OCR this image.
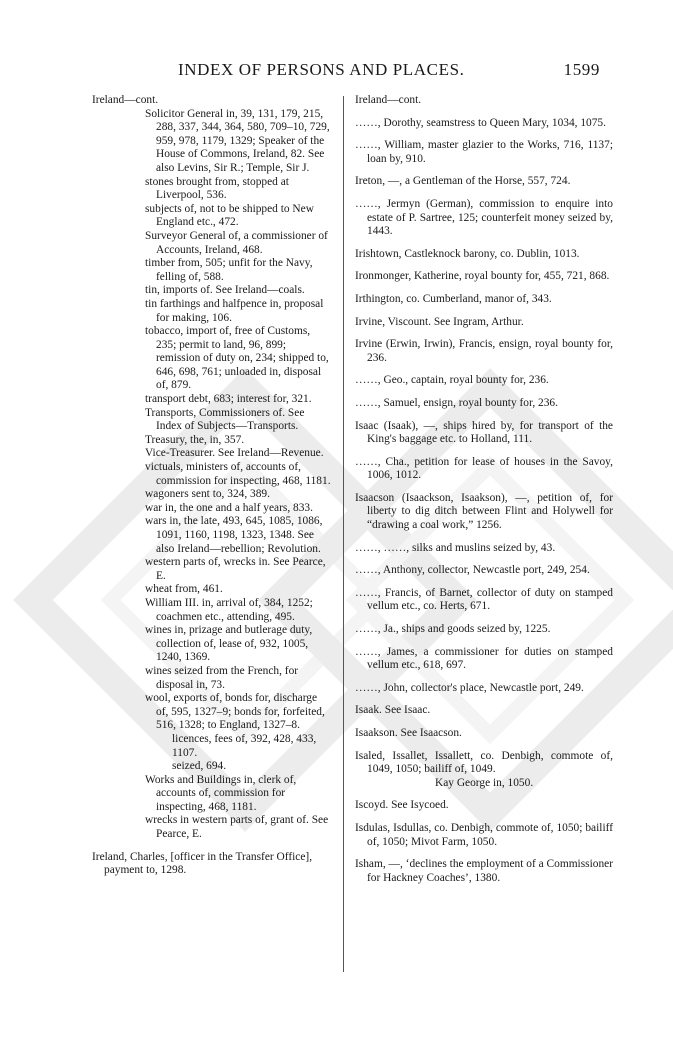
INDEX OF PERSONS AND PLACES.	1599

Ireland—cont.

Solicitor General in, 39, 131, 179, 215, 288, 337, 344, 364, 580, 709–10, 729, 959, 978, 1179, 1329; Speaker of the House of Commons, Ireland, 82. See also Levins, Sir R.; Temple, Sir J.

stones brought from, stopped at Liverpool, 536.

subjects of, not to be shipped to New England etc., 472.

Surveyor General of, a commissioner of Accounts, Ireland, 468.

timber from, 505; unfit for the Navy, felling of, 588.

tin, imports of. See Ireland—coals.

tin farthings and halfpence in, proposal for making, 106.

tobacco, import of, free of Customs, 235; permit to land, 96, 899; remission of duty on, 234; shipped to, 646, 698, 761; unloaded in, disposal of, 879.

transport debt, 683; interest for, 321.

Transports, Commissioners of. See Index of Subjects—Transports.

Treasury, the, in, 357.

Vice-Treasurer. See Ireland—Revenue.

victuals, ministers of, accounts of, commission for inspecting, 468, 1181.

wagoners sent to, 324, 389.

war in, the one and a half years, 833.

wars in, the late, 493, 645, 1085, 1086, 1091, 1160, 1198, 1323, 1348. See also Ireland—rebellion; Revolution.

western parts of, wrecks in. See Pearce, E.

wheat from, 461.

William III. in, arrival of, 384, 1252; coachmen etc., attending, 495.

wines in, prizage and butlerage duty, collection of, lease of, 932, 1005, 1240, 1369.

wines seized from the French, for disposal in, 73.

wool, exports of, bonds for, discharge of, 595, 1327–9; bonds for, forfeited, 516, 1328; to England, 1327–8.

licences, fees of, 392, 428, 433, 1107.

seized, 694.

Works and Buildings in, clerk of, accounts of, commission for inspecting, 468, 1181.

wrecks in western parts of, grant of. See Pearce, E.

Ireland, Charles, [officer in the Transfer Office], payment to, 1298.

Ireland—cont.

……, Dorothy, seamstress to Queen Mary, 1034, 1075.

……, William, master glazier to the Works, 716, 1137; loan by, 910.

Ireton, —, a Gentleman of the Horse, 557, 724.

……, Jermyn (German), commission to enquire into estate of P. Sartree, 125; counterfeit money seized by, 1443.

Irishtown, Castleknock barony, co. Dublin, 1013.

Ironmonger, Katherine, royal bounty for, 455, 721, 868.

Irthington, co. Cumberland, manor of, 343.

Irvine, Viscount. See Ingram, Arthur.

Irvine (Erwin, Irwin), Francis, ensign, royal bounty for, 236.

……, Geo., captain, royal bounty for, 236.

……, Samuel, ensign, royal bounty for, 236.

Isaac (Isaak), —, ships hired by, for transport of the King's baggage etc. to Holland, 111.

……, Cha., petition for lease of houses in the Savoy, 1006, 1012.

Isaacson (Isaackson, Isaakson), —, petition of, for liberty to dig ditch between Flint and Holywell for “drawing a coal work,” 1256.

……, ……, silks and muslins seized by, 43.

……, Anthony, collector, Newcastle port, 249, 254.

……, Francis, of Barnet, collector of duty on stamped vellum etc., co. Herts, 671.

……, Ja., ships and goods seized by, 1225.

……, James, a commissioner for duties on stamped vellum etc., 618, 697.

……, John, collector's place, Newcastle port, 249.

Isaak. See Isaac.

Isaakson. See Isaacson.

Isaled, Issallet, Issallett, co. Denbigh, commote of, 1049, 1050; bailiff of, 1049.

Kay George in, 1050.

Iscoyd. See Isycoed.

Isdulas, Isdullas, co. Denbigh, commote of, 1050; bailiff of, 1050; Mivot Farm, 1050.

Isham, —, ‘declines the employment of a Commissioner for Hackney Coaches’, 1380.
